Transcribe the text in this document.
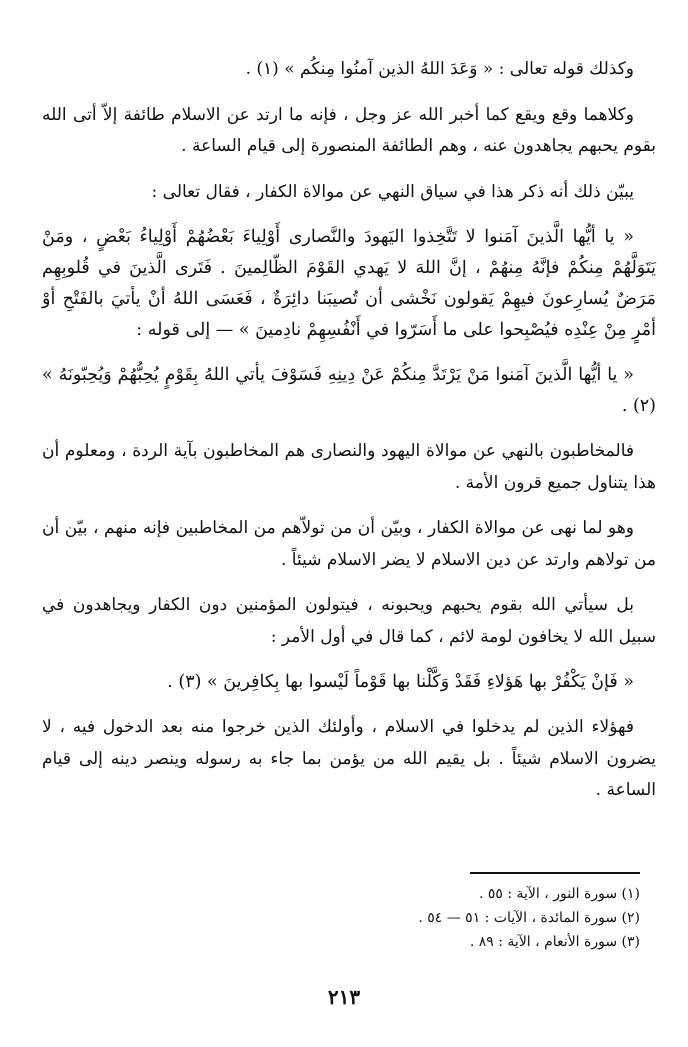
وكذلك قوله تعالى : « وَعَدَ اللهُ الذين آمنُوا مِنكُم » (١) .

وكلاهما وقع ويقع كما أخبر الله عز وجل ، فإنه ما ارتد عن الاسلام طائفة إلاّ أتى الله بقوم يحبهم يجاهدون عنه ، وهم الطائفة المنصورة إلى قيام الساعة .

يبيّن ذلك أنه ذكر هذا في سياق النهي عن موالاة الكفار ، فقال تعالى :

« يا أيُّها الَّذينَ آمَنوا لا تَتَّخِذوا اليَهودَ والنَّصارى أَوْلِياءَ بَعْضُهُمْ أَوْلِياءُ بَعْضٍ ، ومَنْ يَتَوَلَّهُمْ مِنكُمْ فإنَّهُ مِنهُمْ ، إنَّ اللهَ لا يَهدي القَوْمَ الظّالِمينَ . فَتَرى الَّذينَ في قُلوبِهِم مَرَضٌ يُسارِعونَ فيهِمْ يَقولون نَخْشى أن تُصيبَنا دائِرَةٌ ، فَعَسَى اللهُ أنْ يأتيَ بالفَتْحِ أوْ أمْرٍ مِنْ عِنْدِه فيُصْبِحوا على ما أَسَرّوا في أَنْفُسِهِمْ نادِمينَ » — إلى قوله :

« يا أيُّها الَّذينَ آمَنوا مَنْ يَرْتَدَّ مِنكُمْ عَنْ دِينِهِ فَسَوْفَ يأتي اللهُ بِقَوْمٍ يُحِبُّهُمْ وَيُحِبّونَهُ » (٢) .

فالمخاطبون بالنهي عن موالاة اليهود والنصارى هم المخاطبون بآية الردة ، ومعلوم أن هذا يتناول جميع قرون الأمة .

وهو لما نهى عن موالاة الكفار ، وبيّن أن من تولاّهم من المخاطبين فإنه منهم ، بيّن أن من تولاهم وارتد عن دين الاسلام لا يضر الاسلام شيئاً .

بل سيأتي الله بقوم يحبهم ويحبونه ، فيتولون المؤمنين دون الكفار ويجاهدون في سبيل الله لا يخافون لومة لائم ، كما قال في أول الأمر :

« فَإنْ يَكْفُرْ بها هَؤلاءِ فَقَدْ وَكَّلْنا بها قَوْماً لَيْسوا بها بِكافِرينَ » (٣) .

فهؤلاء الذين لم يدخلوا في الاسلام ، وأولئك الذين خرجوا منه بعد الدخول فيه ، لا يضرون الاسلام شيئاً . بل يقيم الله من يؤمن بما جاء به رسوله وينصر دينه إلى قيام الساعة .

(١) سورة النور ، الآية : ٥٥ .
(٢) سورة المائدة ، الآيات : ٥١ — ٥٤ .
(٣) سورة الأنعام ، الآية : ٨٩ .
٢١٣
